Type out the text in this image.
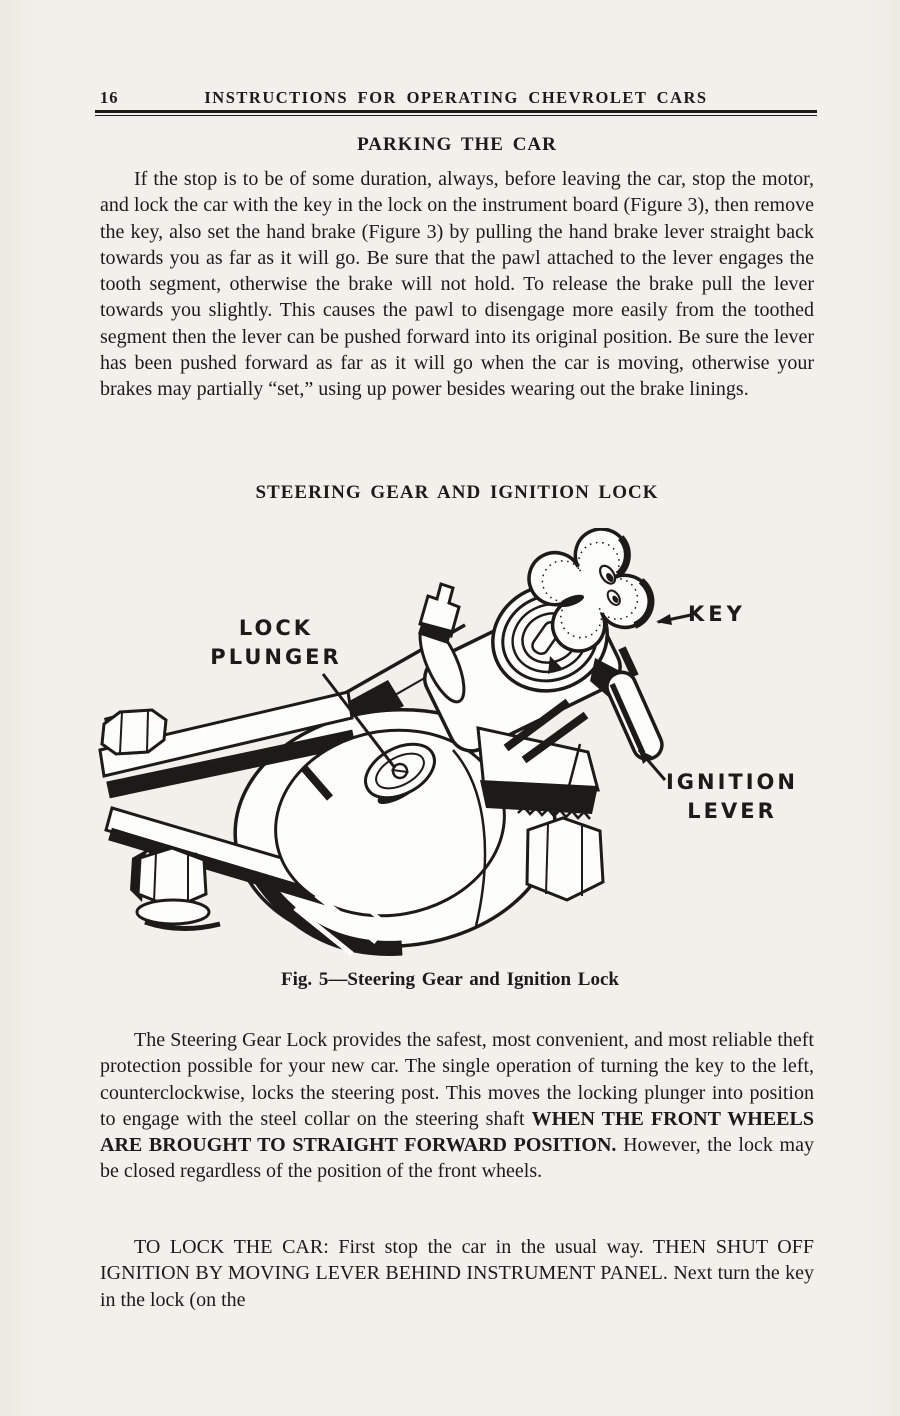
16	INSTRUCTIONS FOR OPERATING CHEVROLET CARS
PARKING THE CAR

If the stop is to be of some duration, always, before leaving the car, stop the motor, and lock the car with the key in the lock on the instrument board (Figure 3), then remove the key, also set the hand brake (Figure 3) by pulling the hand brake lever straight back towards you as far as it will go. Be sure that the pawl attached to the lever engages the tooth segment, otherwise the brake will not hold. To release the brake pull the lever towards you slightly. This causes the pawl to disengage more easily from the toothed segment then the lever can be pushed forward into its original position. Be sure the lever has been pushed forward as far as it will go when the car is moving, otherwise your brakes may partially “set,” using up power besides wearing out the brake linings.

STEERING GEAR AND IGNITION LOCK
LOCK
PLUNGER
KEY
IGNITION
LEVER
Fig. 5—Steering Gear and Ignition Lock

The Steering Gear Lock provides the safest, most convenient, and most reliable theft protection possible for your new car. The single operation of turning the key to the left, counterclockwise, locks the steering post. This moves the locking plunger into position to engage with the steel collar on the steering shaft WHEN THE FRONT WHEELS ARE BROUGHT TO STRAIGHT FORWARD POSITION. However, the lock may be closed regardless of the position of the front wheels.

TO LOCK THE CAR: First stop the car in the usual way. THEN SHUT OFF IGNITION BY MOVING LEVER BEHIND INSTRUMENT PANEL. Next turn the key in the lock (on the
